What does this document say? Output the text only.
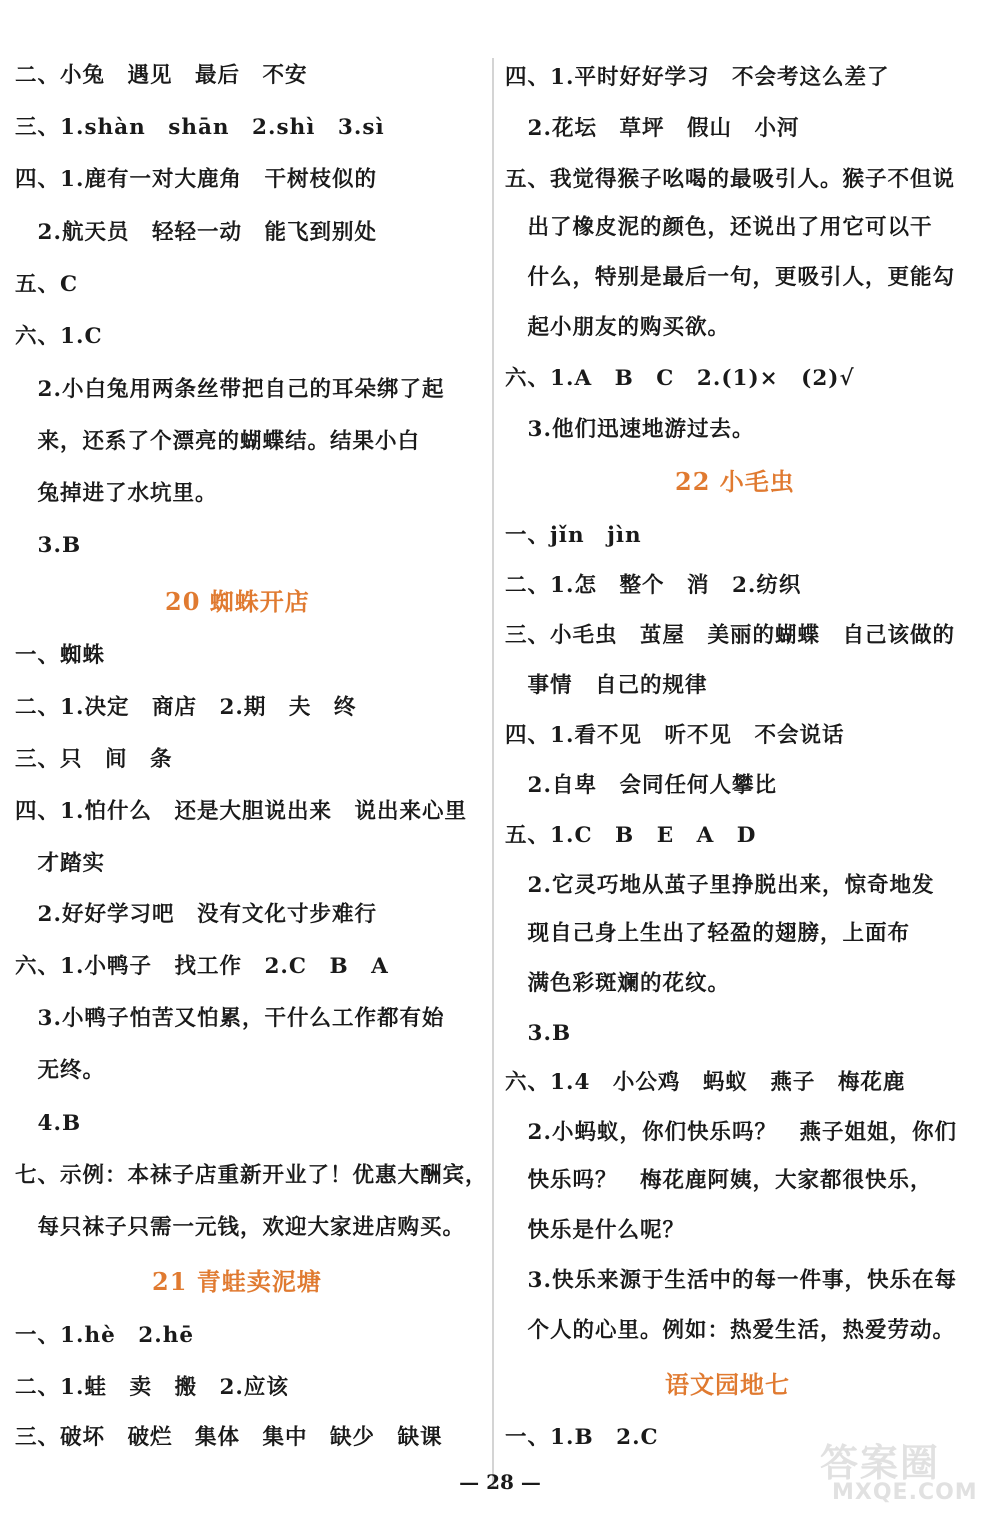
二、小兔　遇见　最后　不安
三、1.shàn　shān　2.shì　3.sì
四、1.鹿有一对大鹿角　干树枝似的
　2.航天员　轻轻一动　能飞到别处
五、C
六、1.C
　2.小白兔用两条丝带把自己的耳朵绑了起
　来，还系了个漂亮的蝴蝶结。结果小白
　兔掉进了水坑里。
　3.B
20 蜘蛛开店
一、蜘蛛
二、1.决定　商店　2.期　夫　终
三、只　间　条
四、1.怕什么　还是大胆说出来　说出来心里
　才踏实
　2.好好学习吧　没有文化寸步难行
六、1.小鸭子　找工作　2.C　B　A
　3.小鸭子怕苦又怕累，干什么工作都有始
　无终。
　4.B
七、示例：本袜子店重新开业了！优惠大酬宾，
　每只袜子只需一元钱，欢迎大家进店购买。
21 青蛙卖泥塘
一、1.hè　2.hē
二、1.蛙　卖　搬　2.应该
三、破坏　破烂　集体　集中　缺少　缺课
四、1.平时好好学习　不会考这么差了
　2.花坛　草坪　假山　小河
五、我觉得猴子吆喝的最吸引人。猴子不但说
　出了橡皮泥的颜色，还说出了用它可以干
　什么，特别是最后一句，更吸引人，更能勾
　起小朋友的购买欲。
六、1.A　B　C　2.(1)×　(2)√
　3.他们迅速地游过去。
22 小毛虫
一、jǐn　jìn
二、1.怎　整个　消　2.纺织
三、小毛虫　茧屋　美丽的蝴蝶　自己该做的
　事情　自己的规律
四、1.看不见　听不见　不会说话
　2.自卑　会同任何人攀比
五、1.C　B　E　A　D
　2.它灵巧地从茧子里挣脱出来，惊奇地发
　现自己身上生出了轻盈的翅膀，上面布
　满色彩斑斓的花纹。
　3.B
六、1.4　小公鸡　蚂蚁　燕子　梅花鹿
　2.小蚂蚁，你们快乐吗？　燕子姐姐，你们
　快乐吗？　梅花鹿阿姨，大家都很快乐，
　快乐是什么呢？
　3.快乐来源于生活中的每一件事，快乐在每
　个人的心里。例如：热爱生活，热爱劳动。
语文园地七
一、1.B　2.C
— 28 —	答案圈
MXQE.COM
